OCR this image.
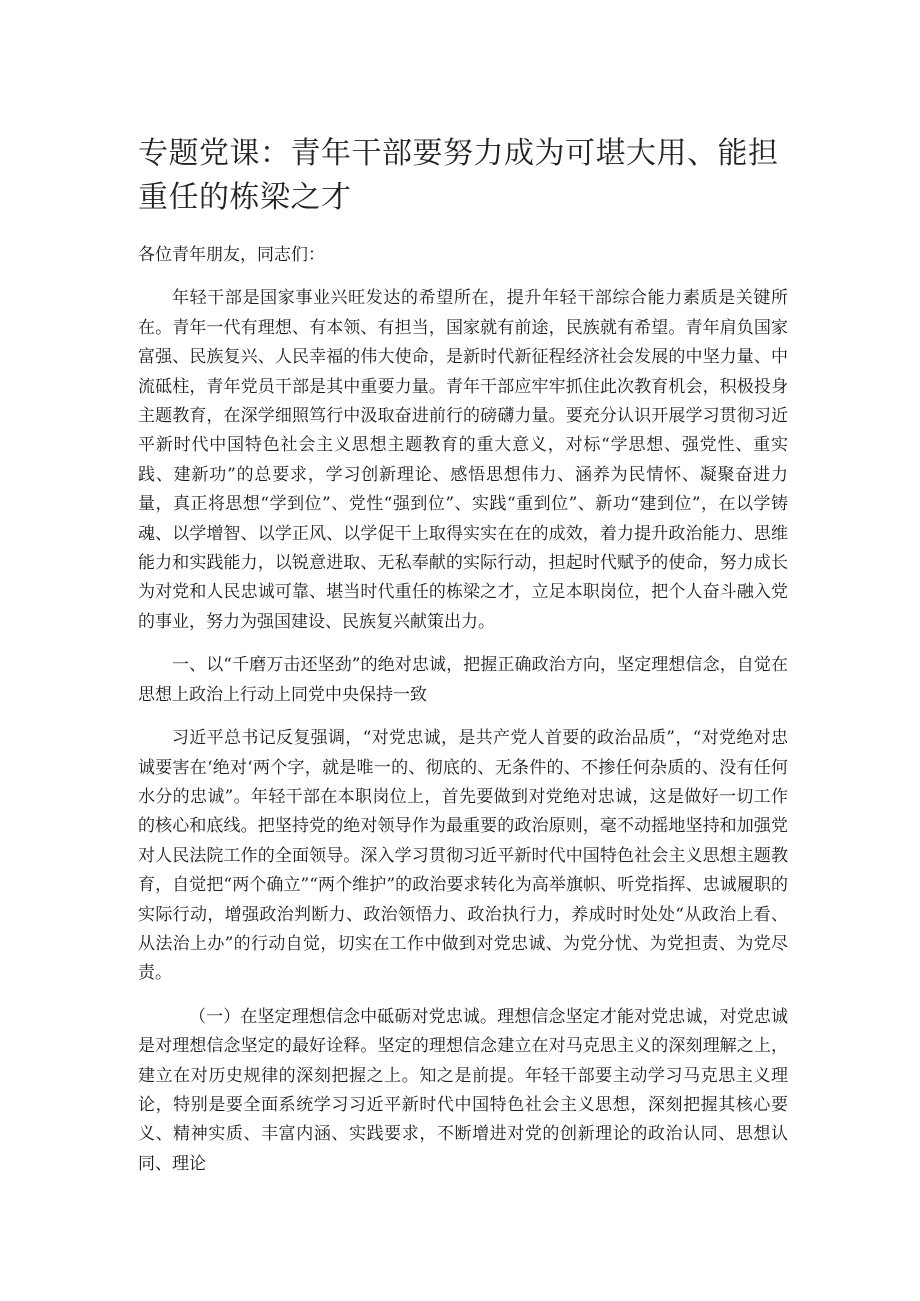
专题党课：青年干部要努力成为可堪大用、能担重任的栋梁之才

各位青年朋友，同志们：

年轻干部是国家事业兴旺发达的希望所在，提升年轻干部综合能力素质是关键所在。青年一代有理想、有本领、有担当，国家就有前途，民族就有希望。青年肩负国家富强、民族复兴、人民幸福的伟大使命，是新时代新征程经济社会发展的中坚力量、中流砥柱，青年党员干部是其中重要力量。青年干部应牢牢抓住此次教育机会，积极投身主题教育，在深学细照笃行中汲取奋进前行的磅礴力量。要充分认识开展学习贯彻习近平新时代中国特色社会主义思想主题教育的重大意义，对标“学思想、强党性、重实践、建新功”的总要求，学习创新理论、感悟思想伟力、涵养为民情怀、凝聚奋进力量，真正将思想“学到位”、党性“强到位”、实践“重到位”、新功“建到位”，在以学铸魂、以学增智、以学正风、以学促干上取得实实在在的成效，着力提升政治能力、思维能力和实践能力，以锐意进取、无私奉献的实际行动，担起时代赋予的使命，努力成长为对党和人民忠诚可靠、堪当时代重任的栋梁之才，立足本职岗位，把个人奋斗融入党的事业，努力为强国建设、民族复兴献策出力。

一、以“千磨万击还坚劲”的绝对忠诚，把握正确政治方向，坚定理想信念，自觉在思想上政治上行动上同党中央保持一致

习近平总书记反复强调，“对党忠诚，是共产党人首要的政治品质”，“对党绝对忠诚要害在‘绝对‘两个字，就是唯一的、彻底的、无条件的、不掺任何杂质的、没有任何水分的忠诚”。年轻干部在本职岗位上，首先要做到对党绝对忠诚，这是做好一切工作的核心和底线。把坚持党的绝对领导作为最重要的政治原则，毫不动摇地坚持和加强党对人民法院工作的全面领导。深入学习贯彻习近平新时代中国特色社会主义思想主题教育，自觉把“两个确立”“两个维护”的政治要求转化为高举旗帜、听党指挥、忠诚履职的实际行动，增强政治判断力、政治领悟力、政治执行力，养成时时处处“从政治上看、从法治上办”的行动自觉，切实在工作中做到对党忠诚、为党分忧、为党担责、为党尽责。

（一）在坚定理想信念中砥砺对党忠诚。理想信念坚定才能对党忠诚，对党忠诚是对理想信念坚定的最好诠释。坚定的理想信念建立在对马克思主义的深刻理解之上，建立在对历史规律的深刻把握之上。知之是前提。年轻干部要主动学习马克思主义理论，特别是要全面系统学习习近平新时代中国特色社会主义思想，深刻把握其核心要义、精神实质、丰富内涵、实践要求，不断增进对党的创新理论的政治认同、思想认同、理论
